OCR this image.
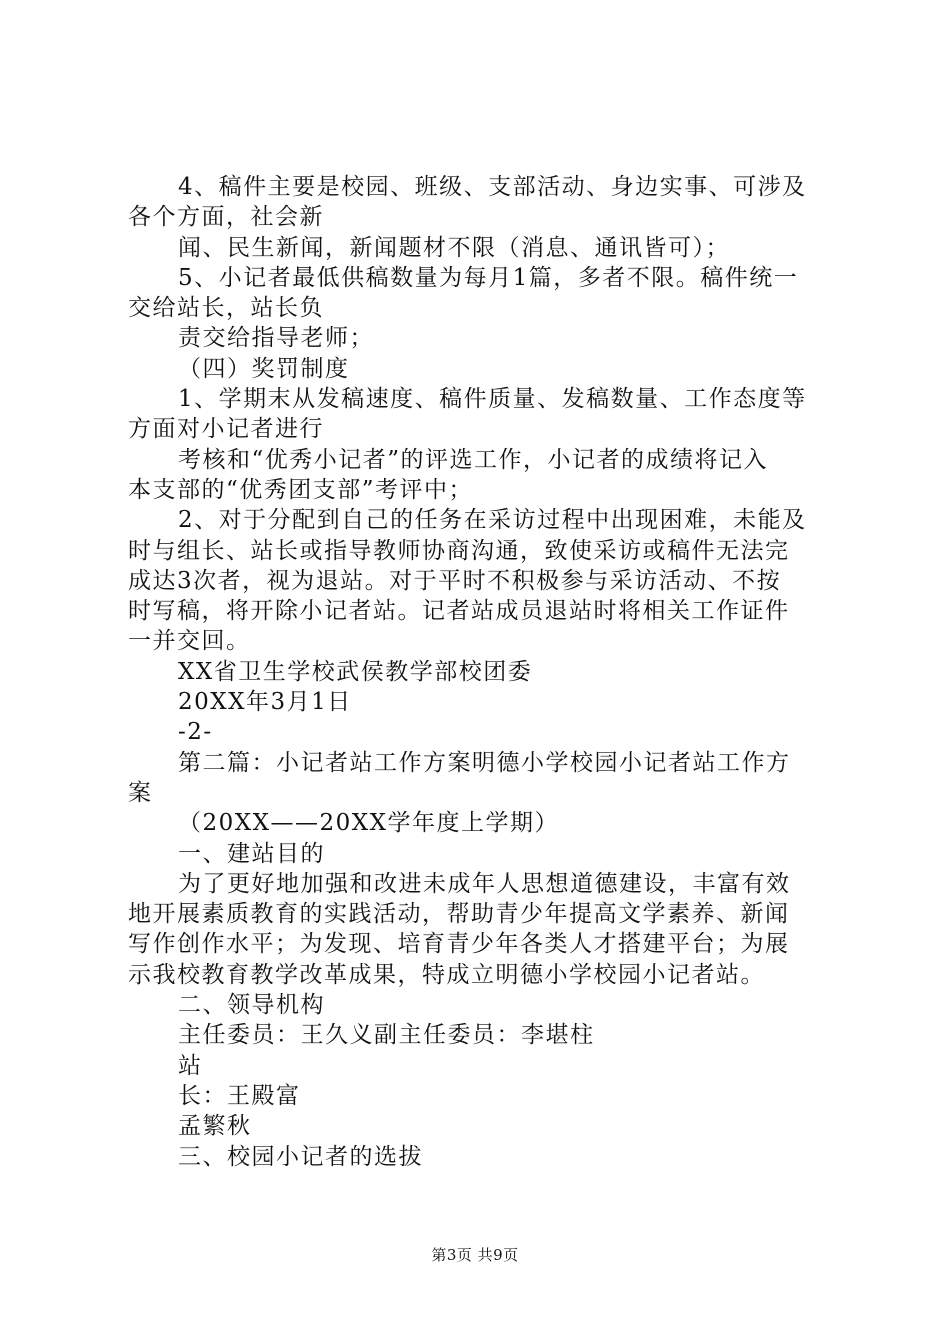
4、稿件主要是校园、班级、支部活动、身边实事、可涉及
各个方面，社会新
闻、民生新闻，新闻题材不限（消息、通讯皆可）；
5、小记者最低供稿数量为每月1篇，多者不限。稿件统一
交给站长，站长负
责交给指导老师；
（四）奖罚制度
1、学期末从发稿速度、稿件质量、发稿数量、工作态度等
方面对小记者进行
考核和“优秀小记者”的评选工作，小记者的成绩将记入
本支部的“优秀团支部”考评中；
2、对于分配到自己的任务在采访过程中出现困难，未能及
时与组长、站长或指导教师协商沟通，致使采访或稿件无法完
成达3次者，视为退站。对于平时不积极参与采访活动、不按
时写稿，将开除小记者站。记者站成员退站时将相关工作证件
一并交回。
XX省卫生学校武侯教学部校团委
20XX年3月1日
-2-
第二篇：小记者站工作方案明德小学校园小记者站工作方
案
（20XX——20XX学年度上学期）
一、建站目的
为了更好地加强和改进未成年人思想道德建设，丰富有效
地开展素质教育的实践活动，帮助青少年提高文学素养、新闻
写作创作水平；为发现、培育青少年各类人才搭建平台；为展
示我校教育教学改革成果，特成立明德小学校园小记者站。
二、领导机构
主任委员：王久义副主任委员：李堪柱
站
长：王殿富
孟繁秋
三、校园小记者的选拔
第3页 共9页
